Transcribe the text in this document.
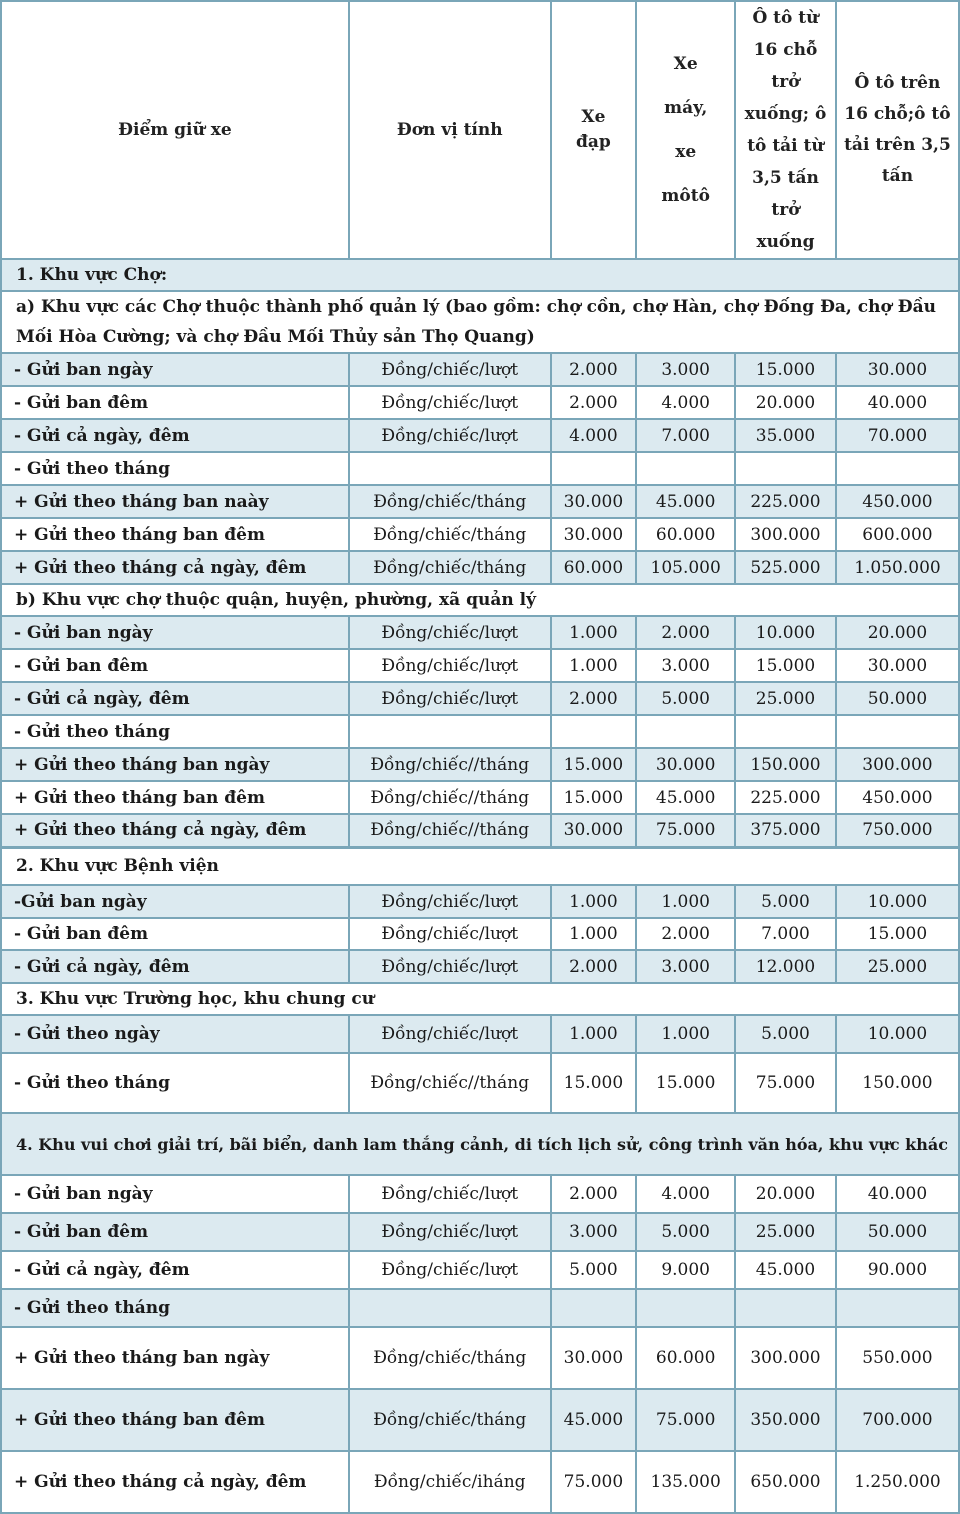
Điểm giữ xe	Đơn vị tính	Xe đạp	Xe máy, xe môtô	Ô tô từ 16 chỗ trở xuống; ô tô tải từ 3,5 tấn trở xuống	Ô tô trên 16 chỗ;ô tô tải trên 3,5 tấn
1. Khu vực Chợ:					
a) Khu vực các Chợ thuộc thành phố quản lý (bao gồm: chợ cồn, chợ Hàn, chợ Đống Đa, chợ Đầu Mối Hòa Cường; và chợ Đầu Mối Thủy sản Thọ Quang)					
- Gửi ban ngày	Đồng/chiếc/lượt	2.000	3.000	15.000	30.000
- Gửi ban đêm	Đồng/chiếc/lượt	2.000	4.000	20.000	40.000
- Gửi cả ngày, đêm	Đồng/chiếc/lượt	4.000	7.000	35.000	70.000
- Gửi theo tháng					
+ Gửi theo tháng ban naày	Đồng/chiếc/tháng	30.000	45.000	225.000	450.000
+ Gửi theo tháng ban đêm	Đồng/chiếc/tháng	30.000	60.000	300.000	600.000
+ Gửi theo tháng cả ngày, đêm	Đồng/chiếc/tháng	60.000	105.000	525.000	1.050.000
b) Khu vực chợ thuộc quận, huyện, phường, xã quản lý					
- Gửi ban ngày	Đồng/chiếc/lượt	1.000	2.000	10.000	20.000
- Gửi ban đêm	Đồng/chiếc/lượt	1.000	3.000	15.000	30.000
- Gửi cả ngày, đêm	Đồng/chiếc/lượt	2.000	5.000	25.000	50.000
- Gửi theo tháng					
+ Gửi theo tháng ban ngày	Đồng/chiếc//tháng	15.000	30.000	150.000	300.000
+ Gửi theo tháng ban đêm	Đồng/chiếc//tháng	15.000	45.000	225.000	450.000
+ Gửi theo tháng cả ngày, đêm	Đồng/chiếc//tháng	30.000	75.000	375.000	750.000
2. Khu vực Bệnh viện					
-Gửi ban ngày	Đồng/chiếc/lượt	1.000	1.000	5.000	10.000
- Gửi ban đêm	Đồng/chiếc/lượt	1.000	2.000	7.000	15.000
- Gửi cả ngày, đêm	Đồng/chiếc/lượt	2.000	3.000	12.000	25.000
3. Khu vực Trường học, khu chung cư					
- Gửi theo ngày	Đồng/chiếc/lượt	1.000	1.000	5.000	10.000
- Gửi theo tháng	Đồng/chiếc//tháng	15.000	15.000	75.000	150.000
4. Khu vui chơi giải trí, bãi biển, danh lam thắng cảnh, di tích lịch sử, công trình văn hóa, khu vực khác					
- Gửi ban ngày	Đồng/chiếc/lượt	2.000	4.000	20.000	40.000
- Gửi ban đêm	Đồng/chiếc/lượt	3.000	5.000	25.000	50.000
- Gửi cả ngày, đêm	Đồng/chiếc/lượt	5.000	9.000	45.000	90.000
- Gửi theo tháng					
+ Gửi theo tháng ban ngày	Đồng/chiếc/tháng	30.000	60.000	300.000	550.000
+ Gửi theo tháng ban đêm	Đồng/chiếc/tháng	45.000	75.000	350.000	700.000
+ Gửi theo tháng cả ngày, đêm	Đồng/chiếc/iháng	75.000	135.000	650.000	1.250.000
